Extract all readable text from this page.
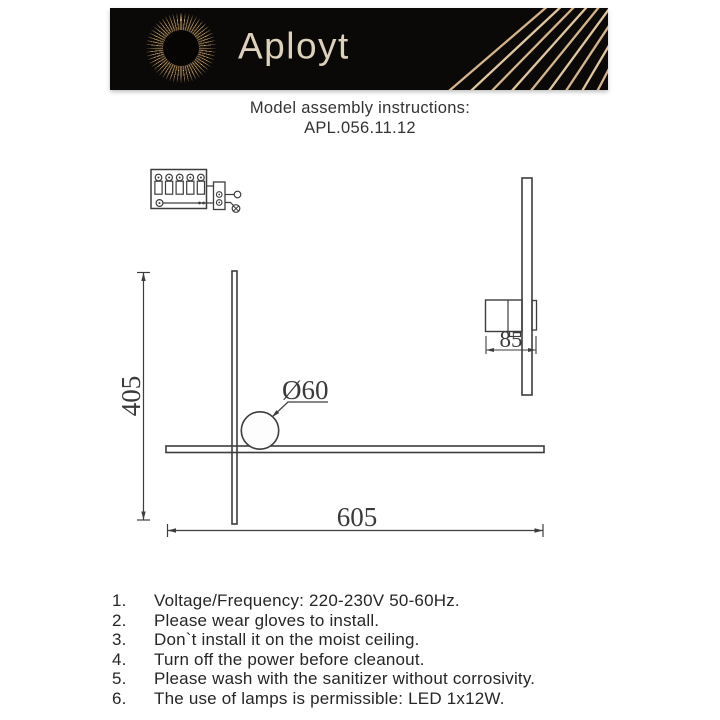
Aployt
Model assembly instructions:
APL.056.11.12
Ø60
405
605
85
1.	Voltage/Frequency: 220-230V 50-60Hz.
2.	Please wear gloves to install.
3.	Don`t install it on the moist ceiling.
4.	Turn off the power before cleanout.
5.	Please wash with the sanitizer without corrosivity.
6.	The use of lamps is permissible: LED 1x12W.
